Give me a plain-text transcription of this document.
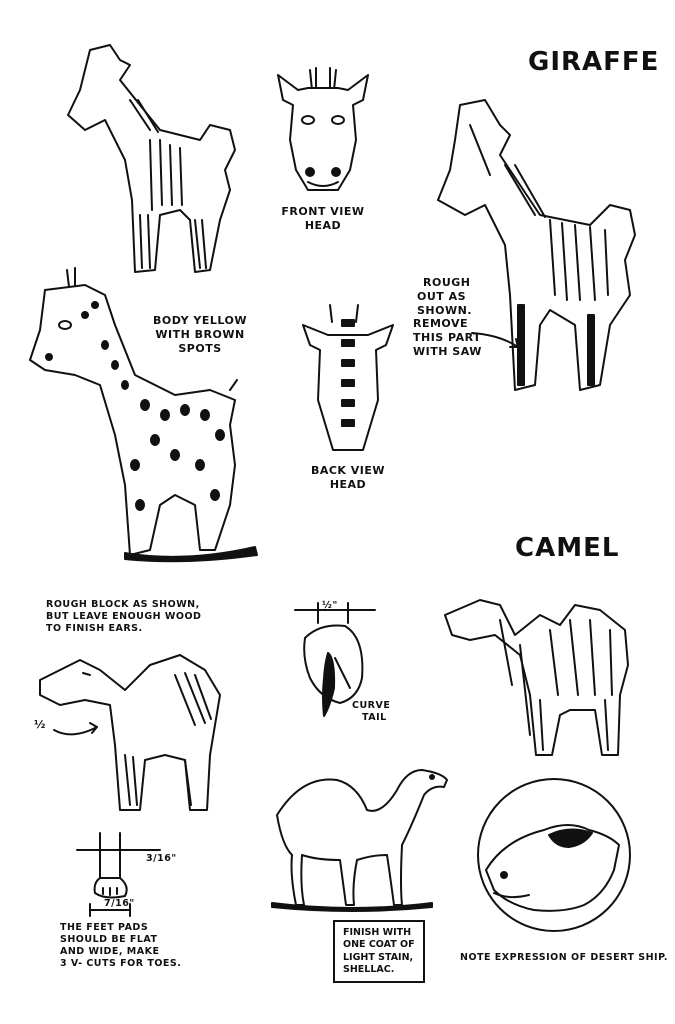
GIRAFFE
FRONT VIEW
HEAD
ROUGH
OUT AS
SHOWN.
REMOVE
THIS PART
WITH SAW
BODY YELLOW
WITH BROWN
SPOTS
BACK VIEW
HEAD
CAMEL
ROUGH BLOCK AS SHOWN,
BUT LEAVE ENOUGH WOOD
TO FINISH EARS.
½
½"
CURVE
TAIL
3/16"
7/16"
THE FEET PADS
SHOULD BE FLAT
AND WIDE, MAKE
3 V- CUTS FOR TOES.
FINISH WITH
ONE COAT OF
LIGHT STAIN,
SHELLAC.
NOTE EXPRESSION OF DESERT SHIP.
